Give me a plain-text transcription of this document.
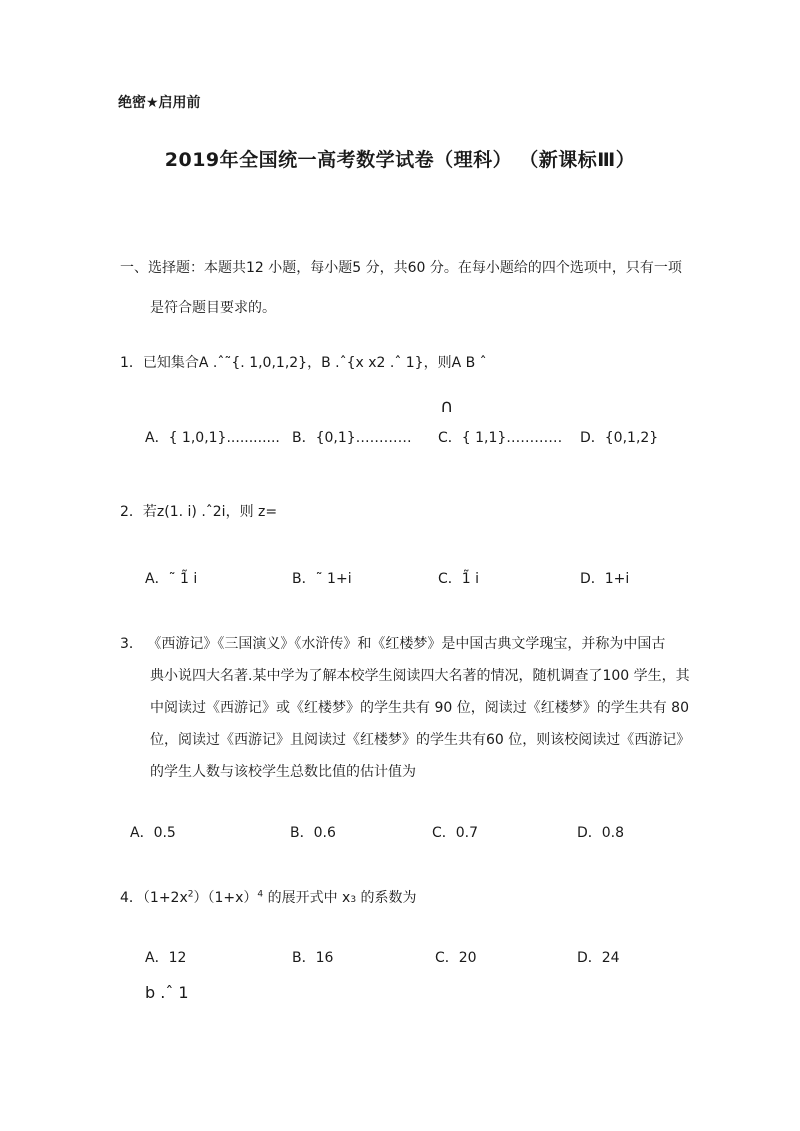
绝密★启用前
2019年全国统一高考数学试卷（理科） （新课标Ⅲ）
一、选择题：本题共12 小题，每小题5 分，共60 分。在每小题给的四个选项中，只有一项
是符合题目要求的。
1．已知集合A .ˆ˜{. 1,0,1,2}，B .ˆ{x x2 .ˆ 1}，则A B ˆ
∩
A．{ 1,0,1}............ B．{0,1}………… C．{ 1,1}………… D．{0,1,2}
2．若z(1. i) .ˆ2i，则 z=
A．˜ 1̃ i	B．˜ 1+i	C．1̃ i	D．1+i
3． 《西游记》《三国演义》《水浒传》和《红楼梦》是中国古典文学瑰宝，并称为中国古
典小说四大名著.某中学为了解本校学生阅读四大名著的情况，随机调查了100 学生，其
中阅读过《西游记》或《红楼梦》的学生共有 90 位，阅读过《红楼梦》的学生共有 80
位，阅读过《西游记》且阅读过《红楼梦》的学生共有60 位，则该校阅读过《西游记》
的学生人数与该校学生总数比值的估计值为
A．0.5	B．0.6	C．0.7	D．0.8
4．$(1+2x^2)(1+x)^4$ 的展开式中 x3 的系数为
A．12	B．16	C．20	D．24
b .ˆ 1
